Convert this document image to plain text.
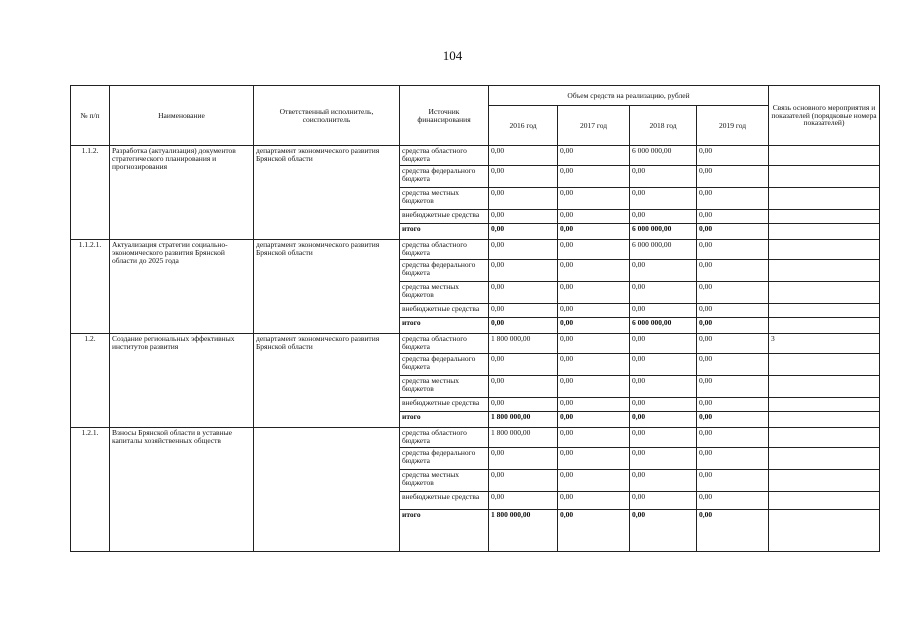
104
№ п/п	Наименование	Ответственный исполнитель, соисполнитель	Источник финансирования	Объем средств на реализацию, рублей				Связь основного мероприятия и показателей (порядковые номера показателей)
				2016 год	2017 год	2018 год	2019 год	
1.1.2.	Разработка (актуализация) документов стратегического планирования и прогнозирования	департамент экономического развития Брянской области	средства областного бюджета	0,00	0,00	6 000 000,00	0,00	
			средства федерального бюджета	0,00	0,00	0,00	0,00	
			средства местных бюджетов	0,00	0,00	0,00	0,00	
			внебюджетные средства	0,00	0,00	0,00	0,00	
			итого	0,00	0,00	6 000 000,00	0,00	
1.1.2.1.	Актуализация стратегии социально-экономического развития Брянской области до 2025 года	департамент экономического развития Брянской области	средства областного бюджета	0,00	0,00	6 000 000,00	0,00	
			средства федерального бюджета	0,00	0,00	0,00	0,00	
			средства местных бюджетов	0,00	0,00	0,00	0,00	
			внебюджетные средства	0,00	0,00	0,00	0,00	
			итого	0,00	0,00	6 000 000,00	0,00	
1.2.	Создание региональных эффективных институтов развития	департамент экономического развития Брянской области	средства областного бюджета	1 800 000,00	0,00	0,00	0,00	3
			средства федерального бюджета	0,00	0,00	0,00	0,00	
			средства местных бюджетов	0,00	0,00	0,00	0,00	
			внебюджетные средства	0,00	0,00	0,00	0,00	
			итого	1 800 000,00	0,00	0,00	0,00	
1.2.1.	Взносы Брянской области в уставные капиталы хозяйственных обществ		средства областного бюджета	1 800 000,00	0,00	0,00	0,00	
			средства федерального бюджета	0,00	0,00	0,00	0,00	
			средства местных бюджетов	0,00	0,00	0,00	0,00	
			внебюджетные средства	0,00	0,00	0,00	0,00	
			итого	1 800 000,00	0,00	0,00	0,00	
